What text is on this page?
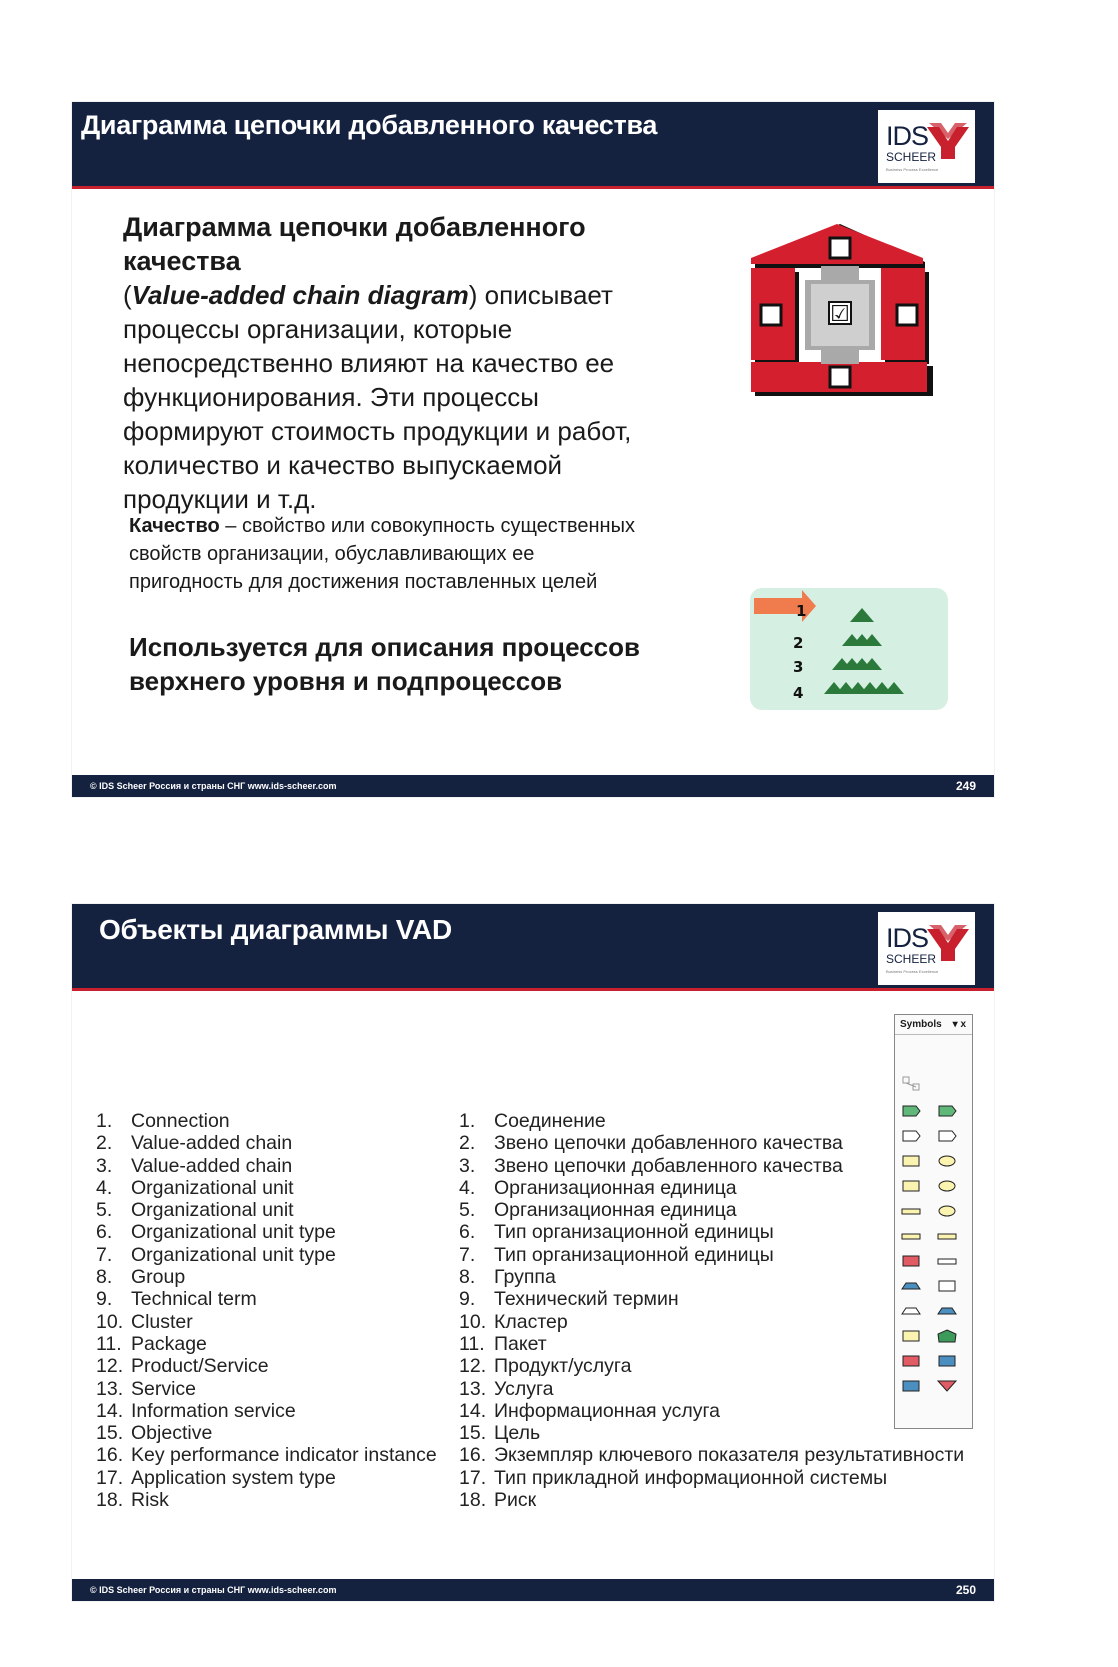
Диаграмма цепочки добавленного качества	IDS
SCHEER
Business Process Excellence
Диаграмма цепочки добавленного качества
(Value-added chain diagram) описывает процессы организации, которые непосредственно влияют на качество ее функционирования. Эти процессы формируют стоимость продукции и работ, количество и качество выпускаемой продукции и т.д.
Качество – свойство или совокупность существенных свойств организации, обуславливающих ее пригодность для достижения поставленных целей
Используется для описания процессов верхнего уровня и подпроцессов
☑
1
2
3
4
© IDS Scheer Россия и страны СНГ www.ids-scheer.com	249
Объекты диаграммы VAD	IDS
SCHEER
Business Process Excellence
1. Connection
2. Value-added chain
3. Value-added chain
4. Organizational unit
5. Organizational unit
6. Organizational unit type
7. Organizational unit type
8. Group
9. Technical term
10. Cluster
11. Package
12. Product/Service
13. Service
14. Information service
15. Objective
16. Key performance indicator instance
17. Application system type
18. Risk
1. Соединение
2. Звено цепочки добавленного качества
3. Звено цепочки добавленного качества
4. Организационная единица
5. Организационная единица
6. Тип организационной единицы
7. Тип организационной единицы
8. Группа
9. Технический термин
10. Кластер
11. Пакет
12. Продукт/услуга
13. Услуга
14. Информационная услуга
15. Цель
16. Экземпляр ключевого показателя результативности
17. Тип прикладной информационной системы
18. Риск
Symbols ▾ x
© IDS Scheer Россия и страны СНГ www.ids-scheer.com	250
